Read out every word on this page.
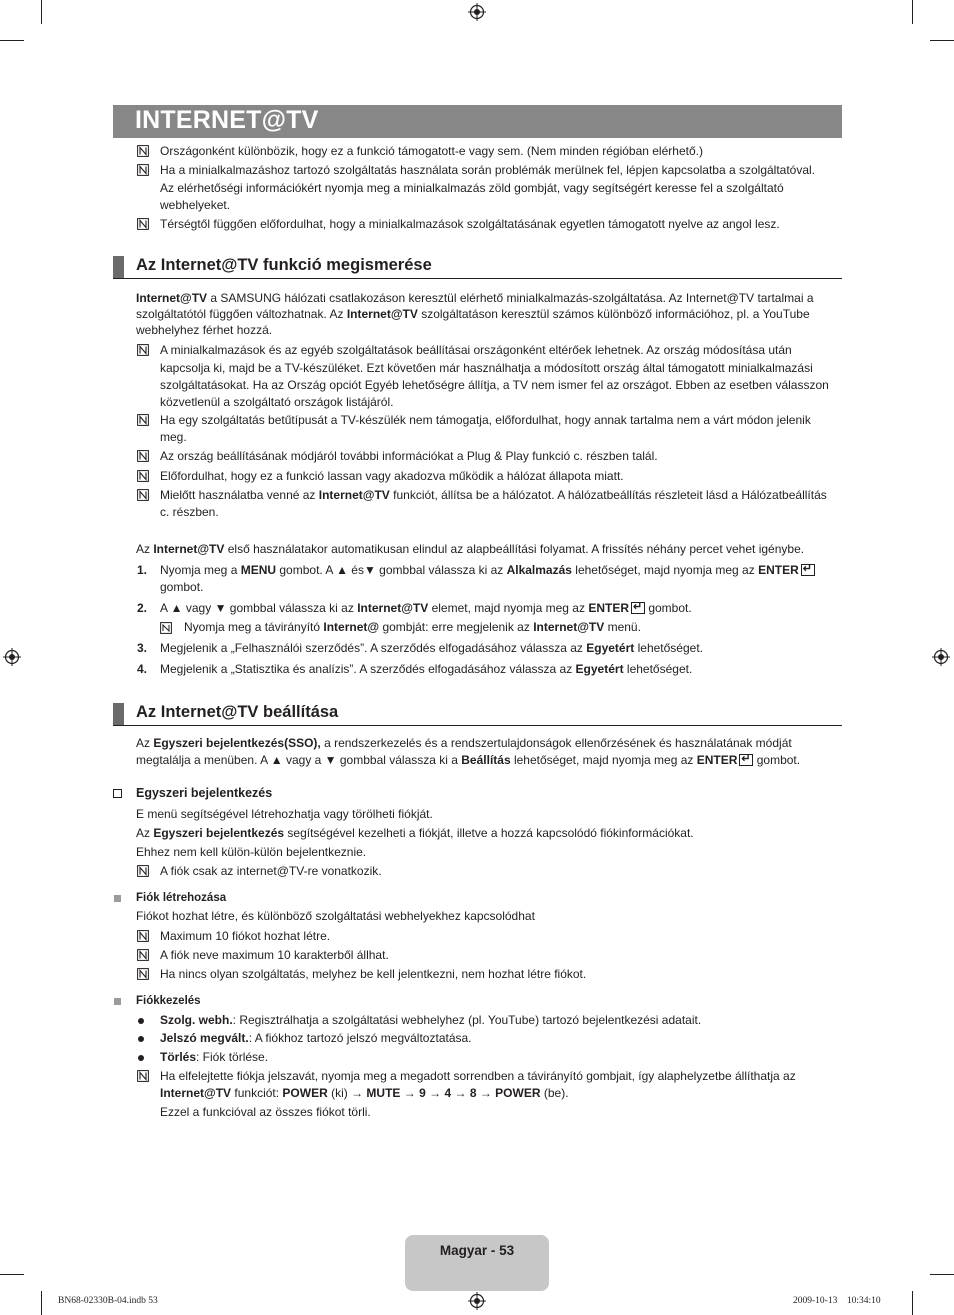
INTERNET@TV
Országonként különbözik, hogy ez a funkció támogatott-e vagy sem. (Nem minden régióban elérhető.)
Ha a minialkalmazáshoz tartozó szolgáltatás használata során problémák merülnek fel, lépjen kapcsolatba a szolgáltatóval.
Az elérhetőségi információkért nyomja meg a minialkalmazás zöld gombját, vagy segítségért keresse fel a szolgáltató
webhelyeket.
Térségtől függően előfordulhat, hogy a minialkalmazások szolgáltatásának egyetlen támogatott nyelve az angol lesz.
Az Internet@TV funkció megismerése
Internet@TV a SAMSUNG hálózati csatlakozáson keresztül elérhető minialkalmazás-szolgáltatása. Az Internet@TV tartalmai a
szolgáltatótól függően változhatnak. Az Internet@TV szolgáltatáson keresztül számos különböző információhoz, pl. a YouTube
webhelyhez férhet hozzá.
A minialkalmazások és az egyéb szolgáltatások beállításai országonként eltérőek lehetnek. Az ország módosítása után
kapcsolja ki, majd be a TV-készüléket. Ezt követően már használhatja a módosított ország által támogatott minialkalmazási
szolgáltatásokat. Ha az Ország opciót Egyéb lehetőségre állítja, a TV nem ismer fel az országot. Ebben az esetben válasszon
közvetlenül a szolgáltató országok listájáról.
Ha egy szolgáltatás betűtípusát a TV-készülék nem támogatja, előfordulhat, hogy annak tartalma nem a várt módon jelenik
meg.
Az ország beállításának módjáról további információkat a Plug & Play funkció c. részben talál.
Előfordulhat, hogy ez a funkció lassan vagy akadozva működik a hálózat állapota miatt.
Mielőtt használatba venné az Internet@TV funkciót, állítsa be a hálózatot. A hálózatbeállítás részleteit lásd a Hálózatbeállítás
c. részben.
Az Internet@TV első használatakor automatikusan elindul az alapbeállítási folyamat. A frissítés néhány percet vehet igénybe.
1. Nyomja meg a MENU gombot. A ▲ és▼ gombbal válassza ki az Alkalmazás lehetőséget, majd nyomja meg az ENTER↵
gombot.
2. A ▲ vagy ▼ gombbal válassza ki az Internet@TV elemet, majd nyomja meg az ENTER↵ gombot.
Nyomja meg a távirányító Internet@ gombját: erre megjelenik az Internet@TV menü.
3. Megjelenik a „Felhasználói szerződés”. A szerződés elfogadásához válassza az Egyetért lehetőséget.
4. Megjelenik a „Statisztika és analízis”. A szerződés elfogadásához válassza az Egyetért lehetőséget.
Az Internet@TV beállítása
Az Egyszeri bejelentkezés(SSO), a rendszerkezelés és a rendszertulajdonságok ellenőrzésének és használatának módját
megtalálja a menüben. A ▲ vagy a ▼ gombbal válassza ki a Beállítás lehetőséget, majd nyomja meg az ENTER↵ gombot.
Egyszeri bejelentkezés
E menü segítségével létrehozhatja vagy törölheti fiókját.
Az Egyszeri bejelentkezés segítségével kezelheti a fiókját, illetve a hozzá kapcsolódó fiókinformációkat.
Ehhez nem kell külön-külön bejelentkeznie.
A fiók csak az internet@TV-re vonatkozik.
Fiók létrehozása
Fiókot hozhat létre, és különböző szolgáltatási webhelyekhez kapcsolódhat
Maximum 10 fiókot hozhat létre.
A fiók neve maximum 10 karakterből állhat.
Ha nincs olyan szolgáltatás, melyhez be kell jelentkezni, nem hozhat létre fiókot.
Fiókkezelés
Szolg. webh.: Regisztrálhatja a szolgáltatási webhelyhez (pl. YouTube) tartozó bejelentkezési adatait.
Jelszó megvált.: A fiókhoz tartozó jelszó megváltoztatása.
Törlés: Fiók törlése.
Ha elfelejtette fiókja jelszavát, nyomja meg a megadott sorrendben a távirányító gombjait, így alaphelyzetbe állíthatja az
Internet@TV funkciót: POWER (ki) → MUTE → 9 → 4 → 8 → POWER (be).
Ezzel a funkcióval az összes fiókot törli.
Magyar - 53
BN68-02330B-04.indb 53	2009-10-13    10:34:10
